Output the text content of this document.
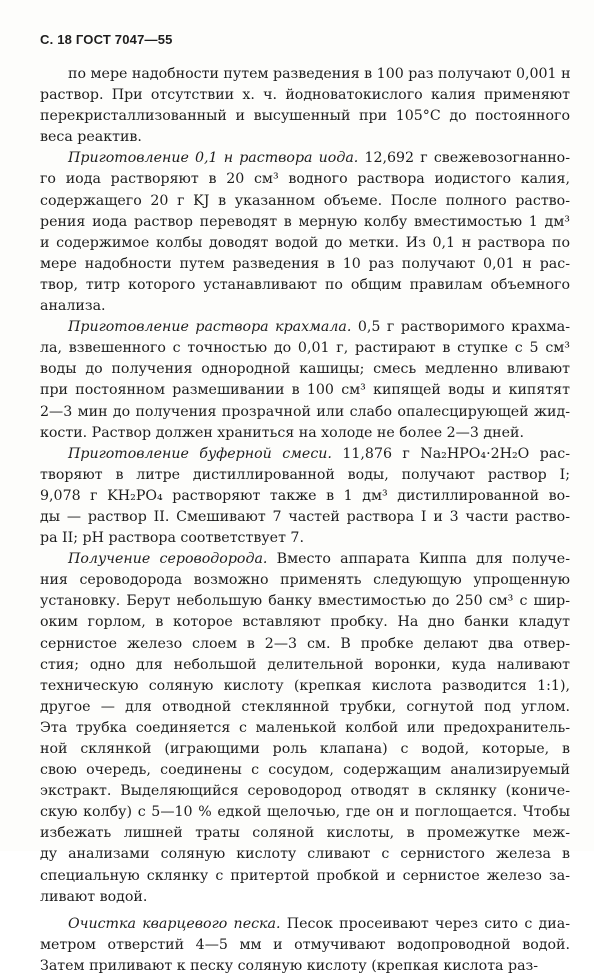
С. 18 ГОСТ 7047—55
по мере надобности путем разведения в 100 раз получают 0,001 н
раствор. При отсутствии х. ч. йодноватокислого калия применяют
перекристаллизованный и высушенный при 105°С до постоянного
веса реактив.
Приготовление 0,1 н раствора иода. 12,692 г свежевозогнанно-
го иода растворяют в 20 см³ водного раствора иодистого калия,
содержащего 20 г KJ в указанном объеме. После полного раство-
рения иода раствор переводят в мерную колбу вместимостью 1 дм³
и содержимое колбы доводят водой до метки. Из 0,1 н раствора по
мере надобности путем разведения в 10 раз получают 0,01 н рас-
твор, титр которого устанавливают по общим правилам объемного
анализа.
Приготовление раствора крахмала. 0,5 г растворимого крахма-
ла, взвешенного с точностью до 0,01 г, растирают в ступке с 5 см³
воды до получения однородной кашицы; смесь медленно вливают
при постоянном размешивании в 100 см³ кипящей воды и кипятят
2—3 мин до получения прозрачной или слабо опалесцирующей жид-
кости. Раствор должен храниться на холоде не более 2—3 дней.
Приготовление буферной смеси. 11,876 г Na₂HPO₄·2H₂O рас-
творяют в литре дистиллированной воды, получают раствор I;
9,078 г KH₂PO₄ растворяют также в 1 дм³ дистиллированной во-
ды — раствор II. Смешивают 7 частей раствора I и 3 части раство-
ра II; pH раствора соответствует 7.
Получение сероводорода. Вместо аппарата Киппа для получе-
ния сероводорода возможно применять следующую упрощенную
установку. Берут небольшую банку вместимостью до 250 см³ с шир-
оким горлом, в которое вставляют пробку. На дно банки кладут
сернистое железо слоем в 2—3 см. В пробке делают два отвер-
стия; одно для небольшой делительной воронки, куда наливают
техническую соляную кислоту (крепкая кислота разводится 1:1),
другое — для отводной стеклянной трубки, согнутой под углом.
Эта трубка соединяется с маленькой колбой или предохранитель-
ной склянкой (играющими роль клапана) с водой, которые, в
свою очередь, соединены с сосудом, содержащим анализируемый
экстракт. Выделяющийся сероводород отводят в склянку (кониче-
скую колбу) с 5—10 % едкой щелочью, где он и поглощается. Чтобы
избежать лишней траты соляной кислоты, в промежутке меж-
ду анализами соляную кислоту сливают с сернистого железа в
специальную склянку с притертой пробкой и сернистое железо за-
ливают водой.
Очистка кварцевого песка. Песок просеивают через сито с диа-
метром отверстий 4—5 мм и отмучивают водопроводной водой.
Затем приливают к песку соляную кислоту (крепкая кислота раз-
